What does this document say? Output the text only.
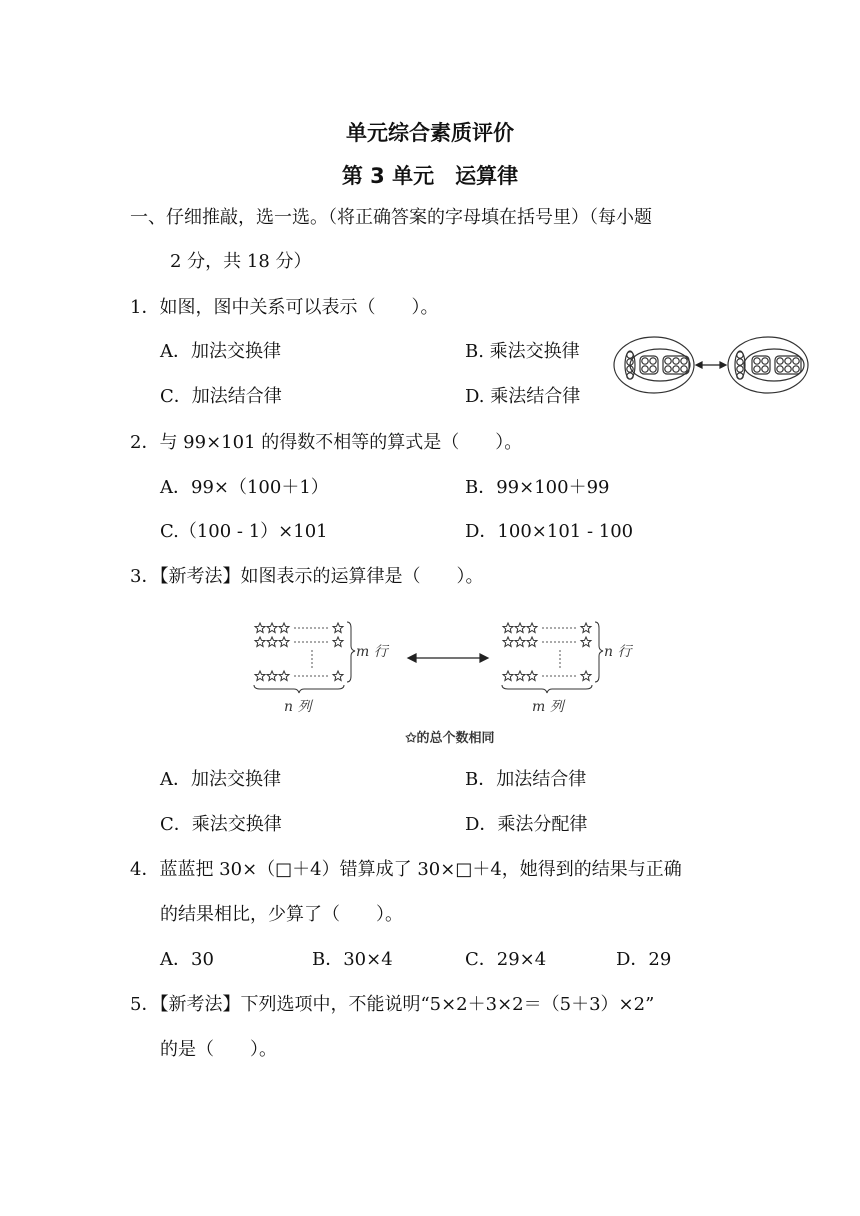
单元综合素质评价
第 3 单元　运算律
一、仔细推敲，选一选。（将正确答案的字母填在括号里）（每小题
2 分，共 18 分）
1．如图，图中关系可以表示（　　）。
A．加法交换律	B. 乘法交换律
C．加法结合律	D. 乘法结合律
2．与 99×101 的得数不相等的算式是（　　）。
A．99×（100＋1）	B．99×100＋99
C.（100 - 1）×101	D．100×101 - 100
3．【新考法】如图表示的运算律是（　　）。
m 行
n 列
n 行
m 列
✩的总个数相同
A．加法交换律	B．加法结合律
C．乘法交换律	D．乘法分配律
4．蓝蓝把 30×（□＋4）错算成了 30×□＋4，她得到的结果与正确
的结果相比，少算了（　　）。
A．30	B．30×4	C．29×4	D．29
5．【新考法】下列选项中，不能说明“5×2＋3×2＝（5＋3）×2”
的是（　　）。
